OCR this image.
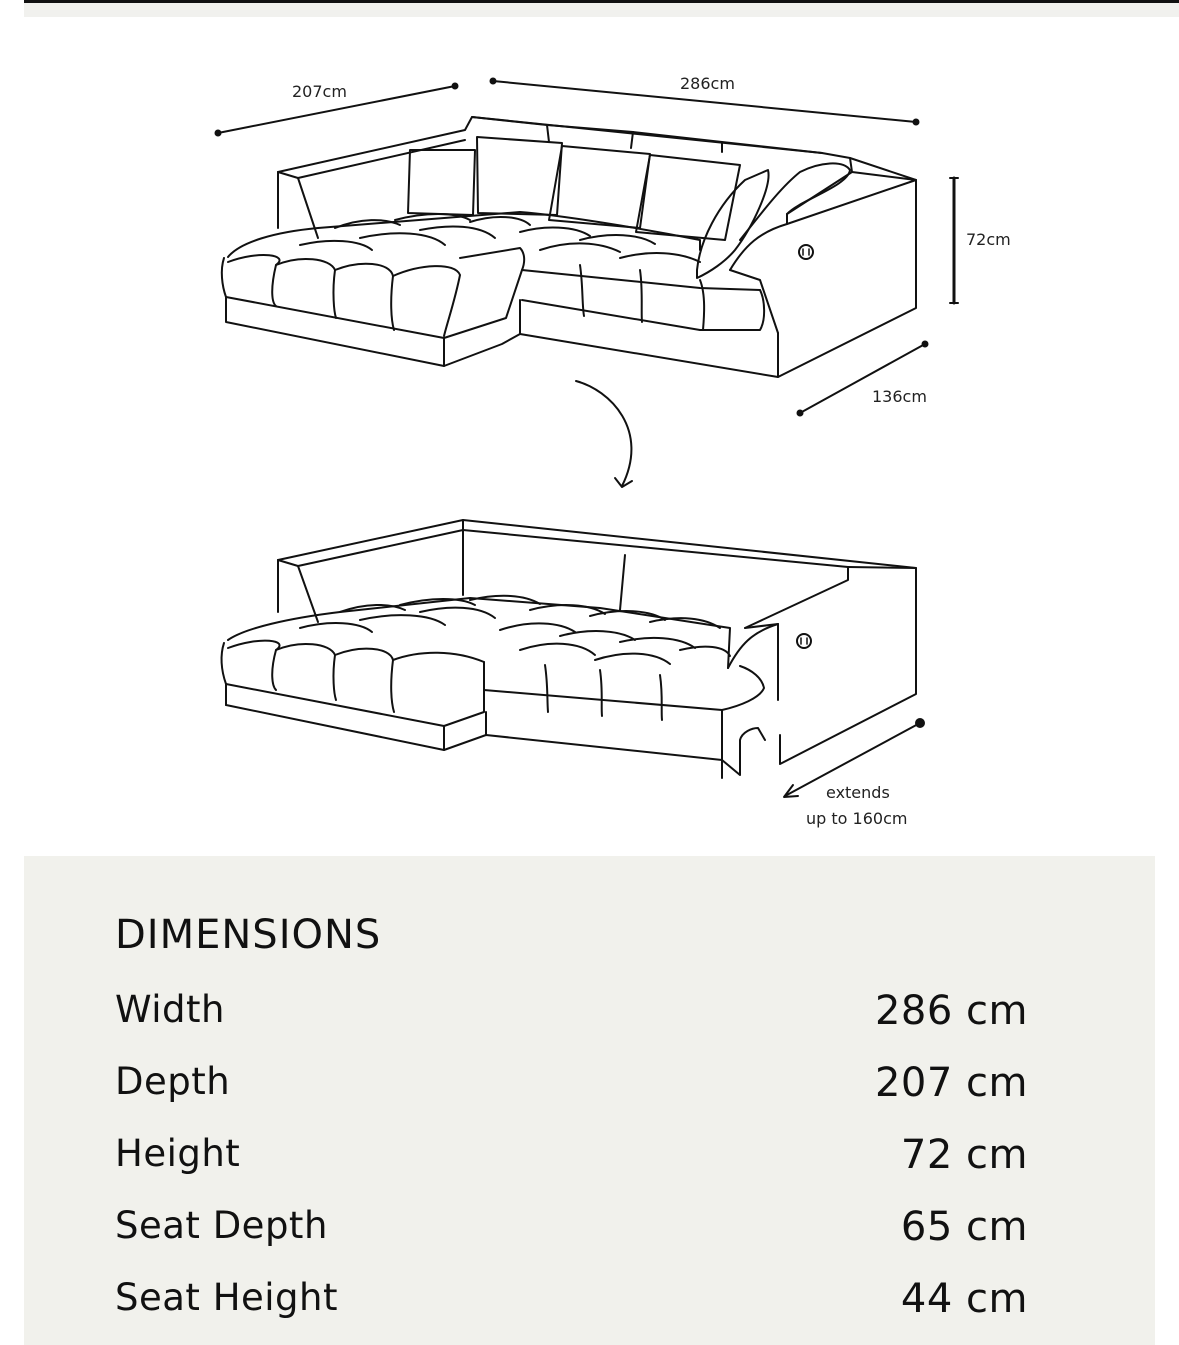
207cm	286cm
72cm
136cm
extends
up to 160cm
DIMENSIONS
Width	286 cm
Depth	207 cm
Height	72 cm
Seat Depth	65 cm
Seat Height	44 cm
